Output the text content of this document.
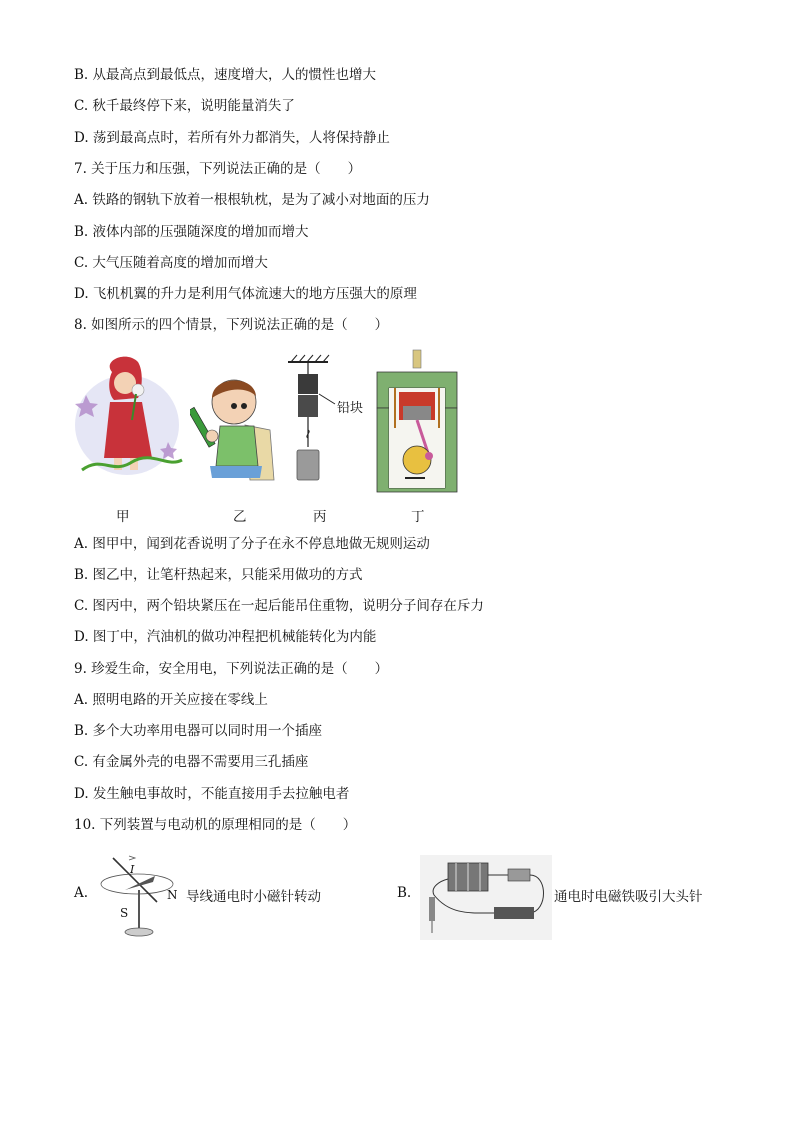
B. 从最高点到最低点，速度增大，人的惯性也增大
C. 秋千最终停下来，说明能量消失了
D. 荡到最高点时，若所有外力都消失，人将保持静止
7. 关于压力和压强，下列说法正确的是（　　）
A. 铁路的钢轨下放着一根根轨枕，是为了减小对地面的压力
B. 液体内部的压强随深度的增加而增大
C. 大气压随着高度的增加而增大
D. 飞机机翼的升力是利用气体流速大的地方压强大的原理
8. 如图所示的四个情景，下列说法正确的是（　　）
甲	乙
铅块
丙	丁
A. 图甲中，闻到花香说明了分子在永不停息地做无规则运动
B. 图乙中，让笔杆热起来，只能采用做功的方式
C. 图丙中，两个铅块紧压在一起后能吊住重物，说明分子间存在斥力
D. 图丁中，汽油机的做功冲程把机械能转化为内能
9. 珍爱生命，安全用电，下列说法正确的是（　　）
A. 照明电路的开关应接在零线上
B. 多个大功率用电器可以同时用一个插座
C. 有金属外壳的电器不需要用三孔插座
D. 发生触电事故时，不能直接用手去拉触电者
10. 下列装置与电动机的原理相同的是（　　）
A.
I
N
S
导线通电时小磁针转动	B.	通电时电磁铁吸引大头针
